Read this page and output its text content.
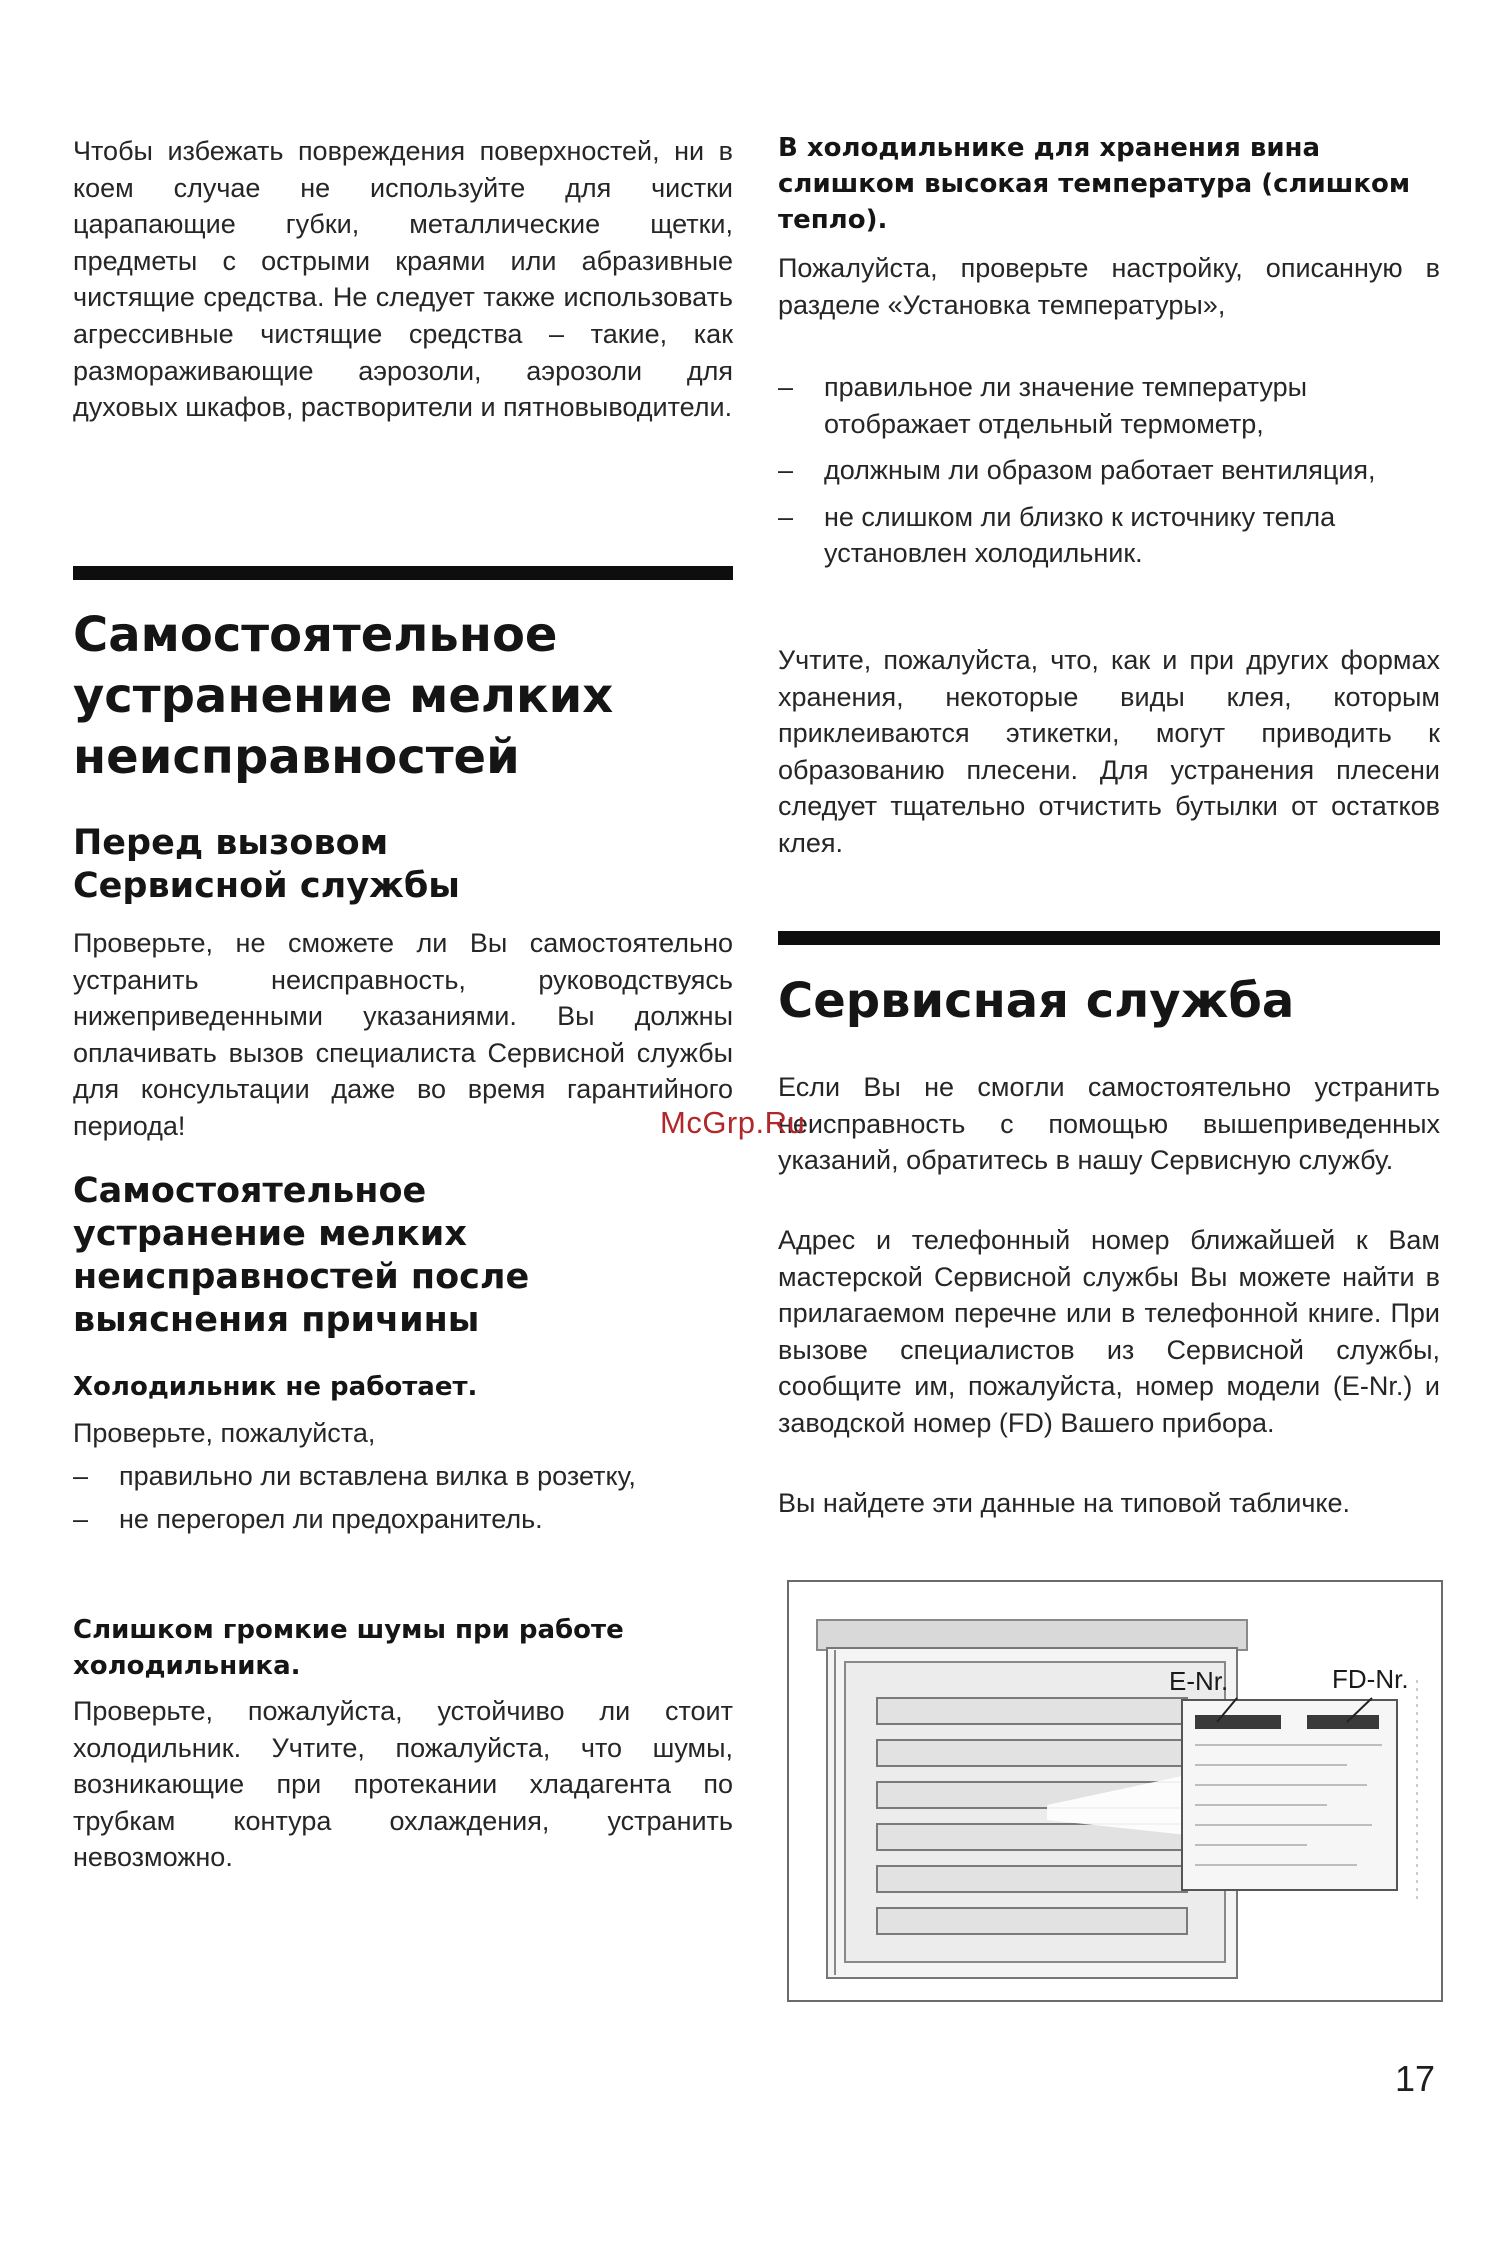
Чтобы избежать повреждения поверхностей, ни в коем случае не используйте для чистки царапающие губки, металлические щетки, предметы с острыми краями или абразивные чистящие средства. Не следует также использовать агрессивные чистящие средства – такие, как размораживающие аэрозоли, аэрозоли для духовых шкафов, растворители и пятновыводители.

Самостоятельное устранение мелких неисправностей
Перед вызовом Сервисной службы

Проверьте, не сможете ли Вы самостоятельно устранить неисправность, руководствуясь нижеприведенными указаниями. Вы должны оплачивать вызов специалиста Сервисной службы для консультации даже во время гарантийного периода!

Самостоятельное устранение мелких неисправностей после выяснения причины
Холодильник не работает.

Проверьте, пожалуйста,

– правильно ли вставлена вилка в розетку,
– не перегорел ли предохранитель.
Слишком громкие шумы при работе холодильника.

Проверьте, пожалуйста, устойчиво ли стоит холодильник. Учтите, пожалуйста, что шумы, возникающие при протекании хладагента по трубкам контура охлаждения, устранить невозможно.

В холодильнике для хранения вина слишком высокая температура (слишком тепло).

Пожалуйста, проверьте настройку, описанную в разделе «Установка температуры»,

– правильное ли значение температуры отображает отдельный термометр,
– должным ли образом работает вентиляция,
– не слишком ли близко к источнику тепла установлен холодильник.

Учтите, пожалуйста, что, как и при других формах хранения, некоторые виды клея, которым приклеиваются этикетки, могут приводить к образованию плесени. Для устранения плесени следует тщательно отчистить бутылки от остатков клея.

Сервисная служба

Если Вы не смогли самостоятельно устранить неисправность с помощью вышеприведенных указаний, обратитесь в нашу Сервисную службу.

Адрес и телефонный номер ближайшей к Вам мастерской Сервисной службы Вы можете найти в прилагаемом перечне или в телефонной книге. При вызове специалистов из Сервисной службы, сообщите им, пожалуйста, номер модели (E-Nr.) и заводской номер (FD) Вашего прибора.

Вы найдете эти данные на типовой табличке.

E-Nr.	FD-Nr.
McGrp.Ru
17
